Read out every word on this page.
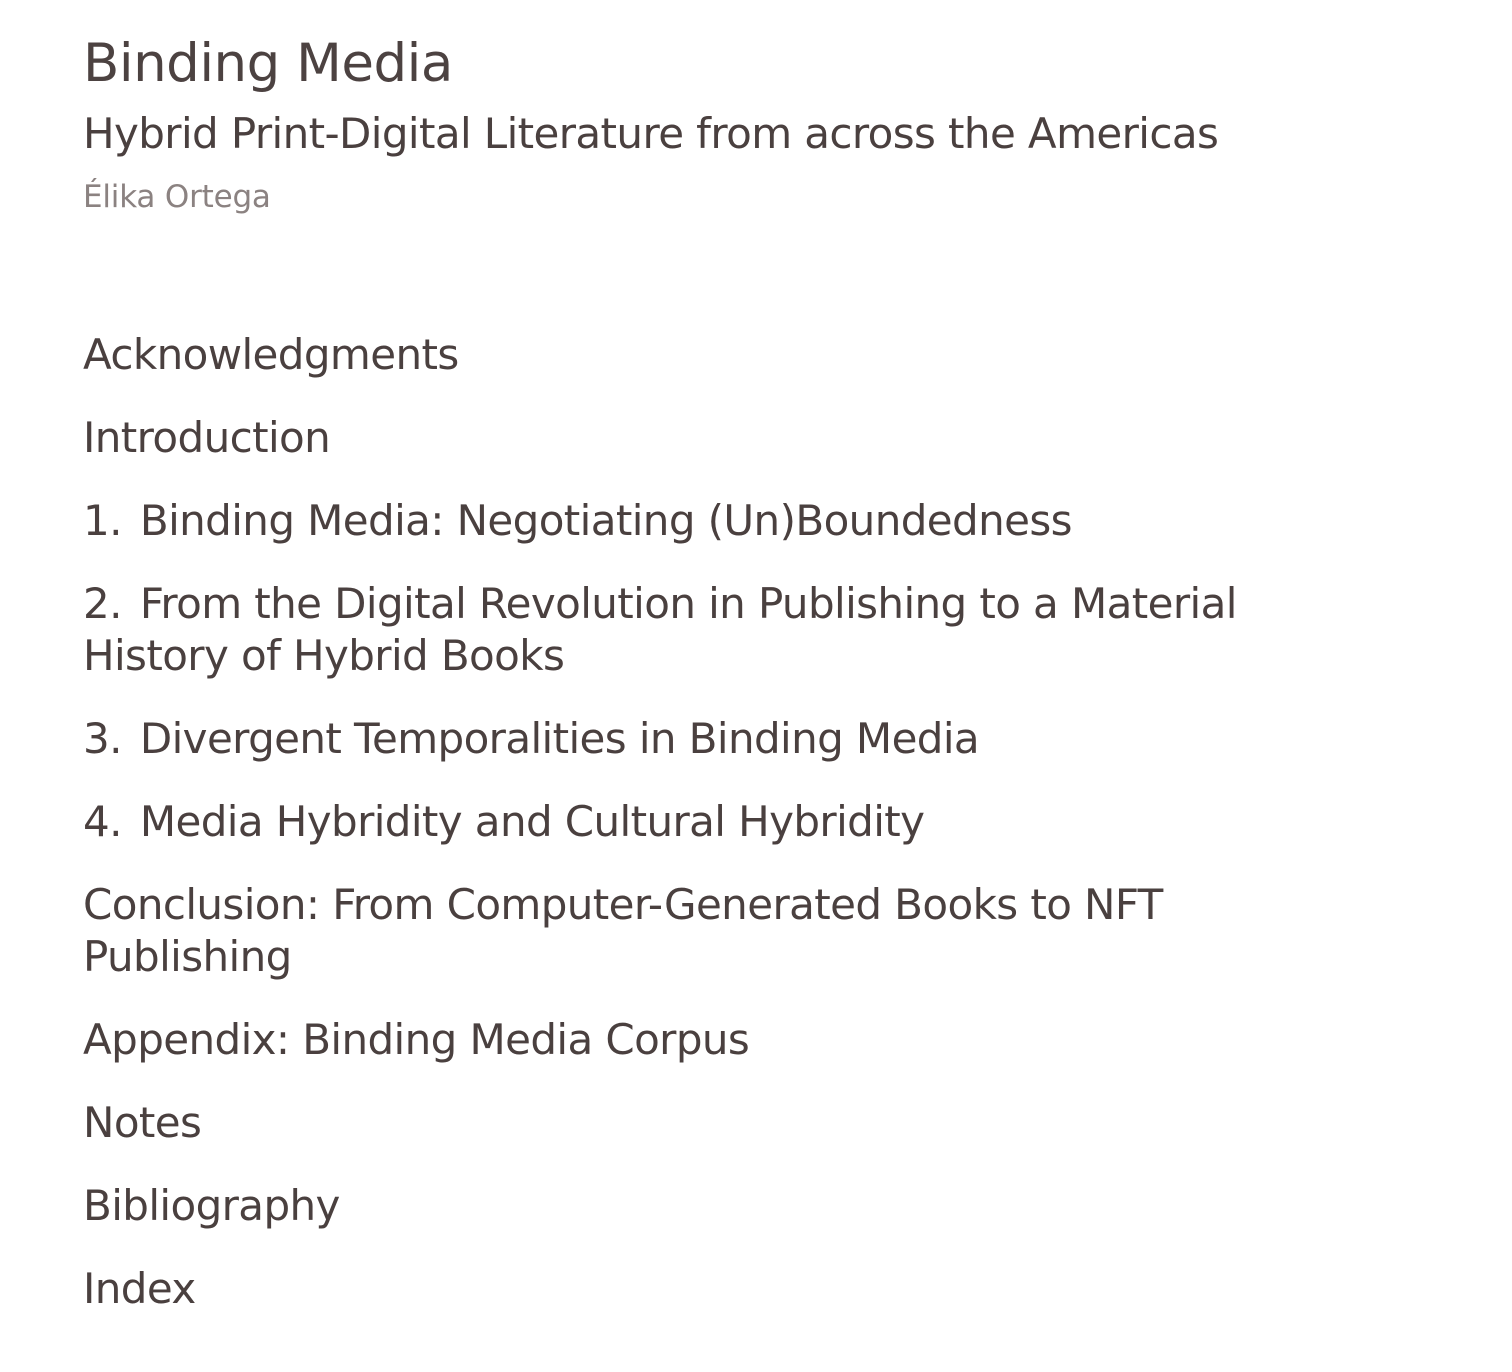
Binding Media
Hybrid Print-Digital Literature from across the Americas
Élika Ortega
Acknowledgments
Introduction
1. Binding Media: Negotiating (Un)Boundedness
2. From the Digital Revolution in Publishing to a Material History of Hybrid Books
3. Divergent Temporalities in Binding Media
4. Media Hybridity and Cultural Hybridity
Conclusion: From Computer-Generated Books to NFT Publishing
Appendix: Binding Media Corpus
Notes
Bibliography
Index
